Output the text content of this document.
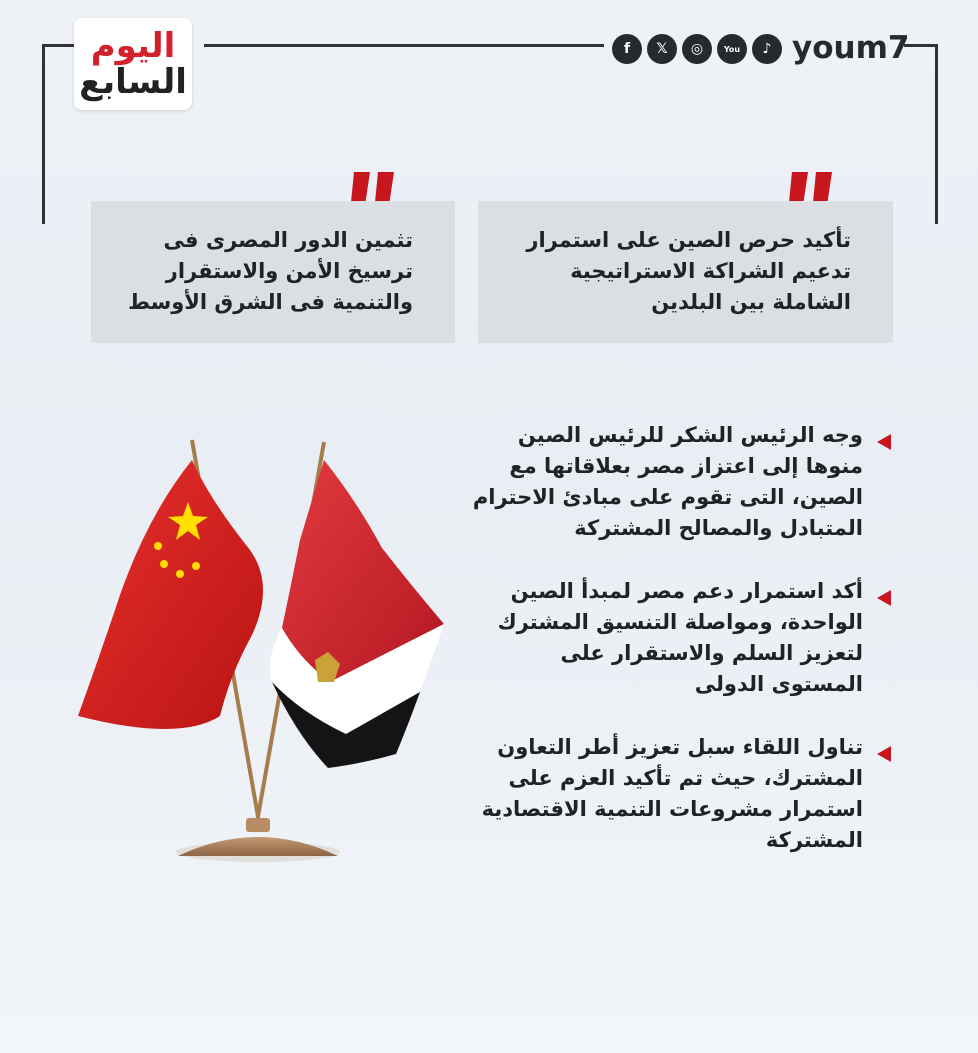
اليوم
السابع
f	𝕏	◎	You	♪ youm7
تأكيد حرص الصين على استمرار تدعيم الشراكة الاستراتيجية الشاملة بين البلدين
تثمين الدور المصرى فى ترسيخ الأمن والاستقرار والتنمية فى الشرق الأوسط
وجه الرئيس الشكر للرئيس الصين منوها إلى اعتزاز مصر بعلاقاتها مع الصين، التى تقوم على مبادئ الاحترام المتبادل والمصالح المشتركة
أكد استمرار دعم مصر لمبدأ الصين الواحدة، ومواصلة التنسيق المشترك لتعزيز السلم والاستقرار على المستوى الدولى
تناول اللقاء سبل تعزيز أطر التعاون المشترك، حيث تم تأكيد العزم على استمرار مشروعات التنمية الاقتصادية المشتركة
